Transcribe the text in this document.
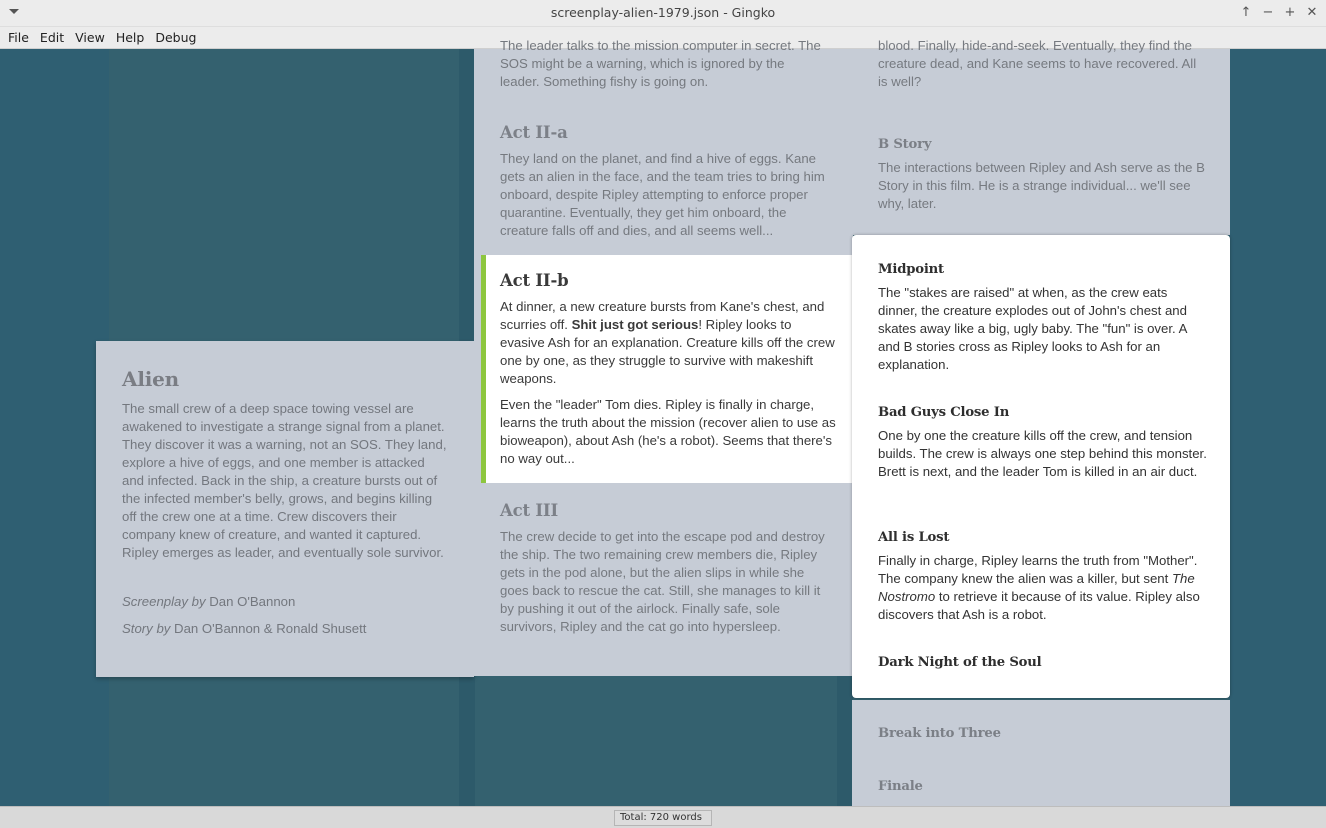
screenplay-alien-1979.json - Gingko	↑ − + ✕
File Edit View Help Debug
Alien

The small crew of a deep space towing vessel are awakened to investigate a strange signal from a planet. They discover it was a warning, not an SOS. They land, explore a hive of eggs, and one member is attacked and infected. Back in the ship, a creature bursts out of the infected member's belly, grows, and begins killing off the crew one at a time. Crew discovers their company knew of creature, and wanted it captured. Ripley emerges as leader, and eventually sole survivor.

Screenplay by Dan O'Bannon

Story by Dan O'Bannon & Ronald Shusett

The leader talks to the mission computer in secret. The SOS might be a warning, which is ignored by the leader. Something fishy is going on.

Act II-a

They land on the planet, and find a hive of eggs. Kane gets an alien in the face, and the team tries to bring him onboard, despite Ripley attempting to enforce proper quarantine. Eventually, they get him onboard, the creature falls off and dies, and all seems well...

Act III

The crew decide to get into the escape pod and destroy the ship. The two remaining crew members die, Ripley gets in the pod alone, but the alien slips in while she goes back to rescue the cat. Still, she manages to kill it by pushing it out of the airlock. Finally safe, sole survivors, Ripley and the cat go into hypersleep.

Act II-b

At dinner, a new creature bursts from Kane's chest, and scurries off. Shit just got serious! Ripley looks to evasive Ash for an explanation. Creature kills off the crew one by one, as they struggle to survive with makeshift weapons.

Even the "leader" Tom dies. Ripley is finally in charge, learns the truth about the mission (recover alien to use as bioweapon), about Ash (he's a robot). Seems that there's no way out...

blood. Finally, hide-and-seek. Eventually, they find the creature dead, and Kane seems to have recovered. All is well?

B Story

The interactions between Ripley and Ash serve as the B Story in this film. He is a strange individual... we'll see why, later.

Midpoint

The "stakes are raised" at when, as the crew eats dinner, the creature explodes out of John's chest and skates away like a big, ugly baby. The "fun" is over. A and B stories cross as Ripley looks to Ash for an explanation.

Bad Guys Close In

One by one the creature kills off the crew, and tension builds. The crew is always one step behind this monster. Brett is next, and the leader Tom is killed in an air duct.

All is Lost

Finally in charge, Ripley learns the truth from "Mother". The company knew the alien was a killer, but sent The Nostromo to retrieve it because of its value. Ripley also discovers that Ash is a robot.

Dark Night of the Soul
Break into Three
Finale
Total: 720 words
